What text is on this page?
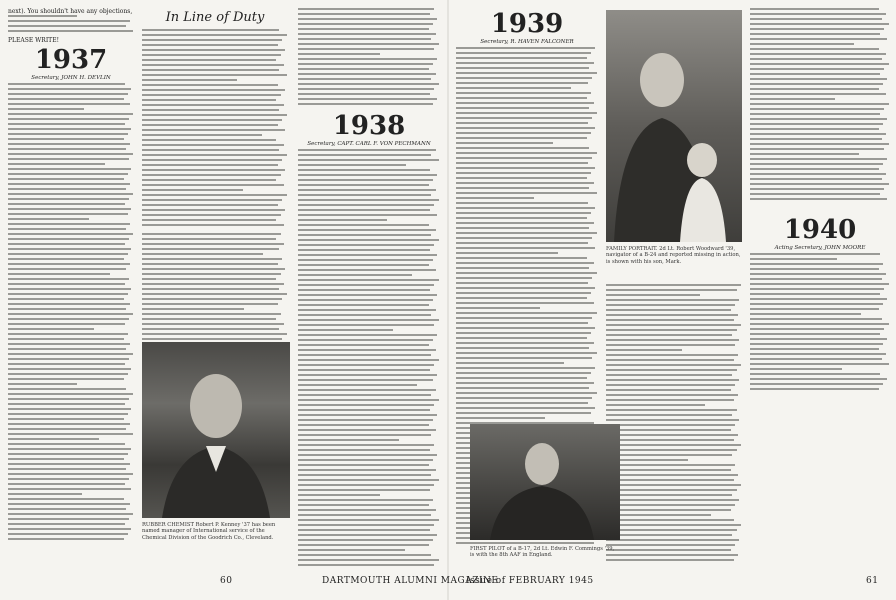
next). You shouldn't have any objections,
PLEASE WRITE!
1937
Secretary, JOHN H. DEVLIN
In Line of Duty
RUBBER CHEMIST Robert P. Kenney '37 has been named manager of International service of the Chemical Division of the Goodrich Co., Cleveland.
1938
Secretary, CAPT. CARL F. VON PECHMANN
60	DARTMOUTH ALUMNI MAGAZINE
1939
Secretary, R. HAVEN FALCONER
FAMILY PORTRAIT. 2d Lt. Robert Woodward '39, navigator of a B-24 and reported missing in action, is shown with his son, Mark.
1940
Acting Secretary, JOHN MOORE
FIRST PILOT of a B-17, 2d Lt. Edwin F. Commings '39, is with the 8th AAF in England.
Issue of FEBRUARY 1945	61
